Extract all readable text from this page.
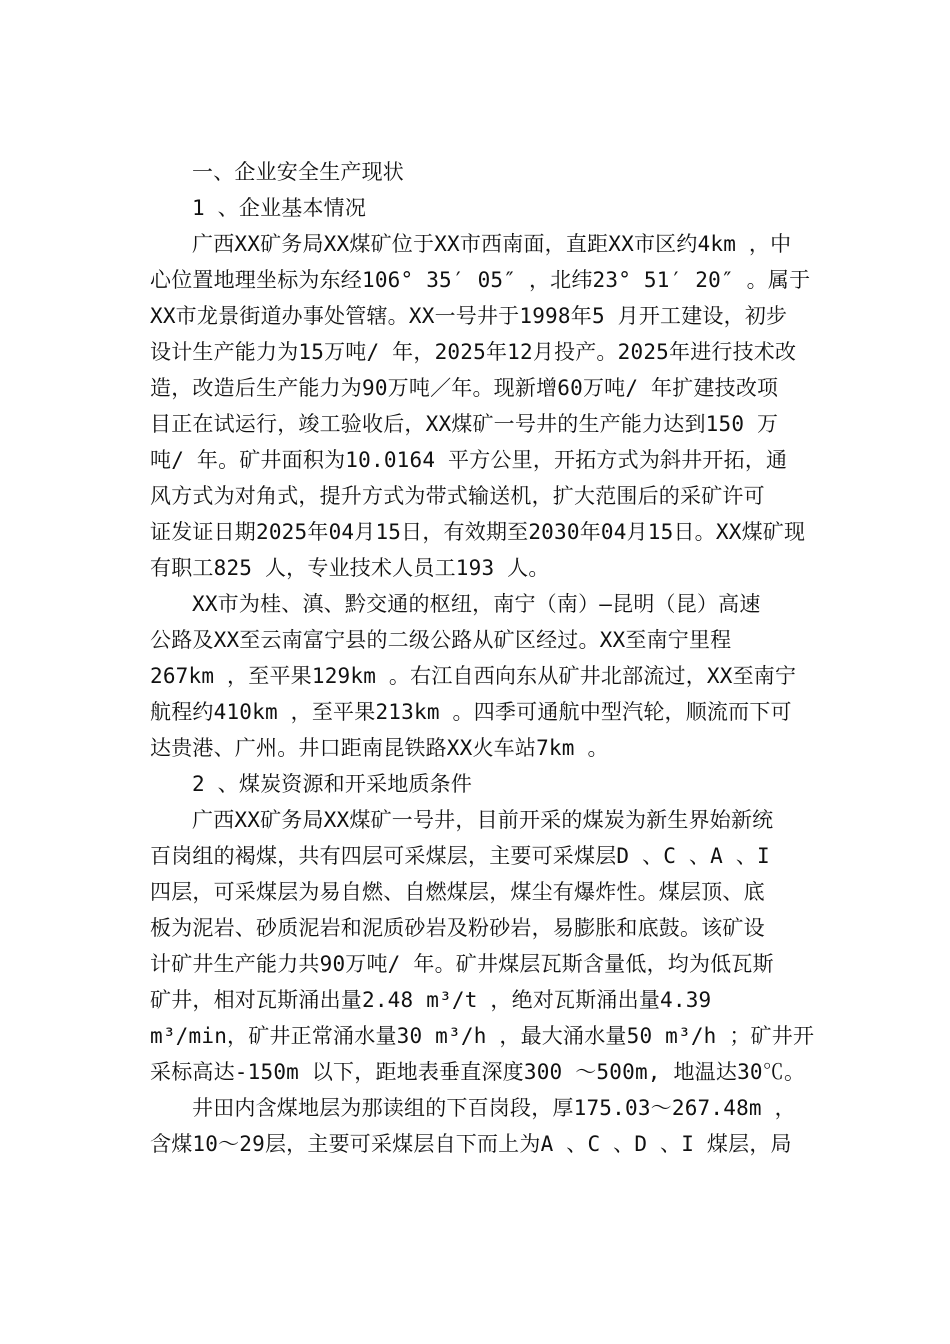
一、企业安全生产现状
1 、企业基本情况
广西XX矿务局XX煤矿位于XX市西南面，直距XX市区约4km ，中
心位置地理坐标为东经106° 35′ 05″ ，北纬23° 51′ 20″ 。属于
XX市龙景街道办事处管辖。XX一号井于1998年5 月开工建设，初步
设计生产能力为15万吨/ 年，2025年12月投产。2025年进行技术改
造，改造后生产能力为90万吨／年。现新增60万吨/ 年扩建技改项
目正在试运行，竣工验收后，XX煤矿一号井的生产能力达到150 万
吨/ 年。矿井面积为10.0164 平方公里，开拓方式为斜井开拓，通
风方式为对角式，提升方式为带式输送机，扩大范围后的采矿许可
证发证日期2025年04月15日，有效期至2030年04月15日。XX煤矿现
有职工825 人，专业技术人员工193 人。
XX市为桂、滇、黔交通的枢纽，南宁（南）—昆明（昆）高速
公路及XX至云南富宁县的二级公路从矿区经过。XX至南宁里程
267km ，至平果129km 。右江自西向东从矿井北部流过，XX至南宁
航程约410km ，至平果213km 。四季可通航中型汽轮，顺流而下可
达贵港、广州。井口距南昆铁路XX火车站7km 。
2 、煤炭资源和开采地质条件
广西XX矿务局XX煤矿一号井，目前开采的煤炭为新生界始新统
百岗组的褐煤，共有四层可采煤层，主要可采煤层D 、C 、A 、I
四层，可采煤层为易自燃、自燃煤层，煤尘有爆炸性。煤层顶、底
板为泥岩、砂质泥岩和泥质砂岩及粉砂岩，易膨胀和底鼓。该矿设
计矿井生产能力共90万吨/ 年。矿井煤层瓦斯含量低，均为低瓦斯
矿井，相对瓦斯涌出量2.48 m³/t ，绝对瓦斯涌出量4.39
m³/min，矿井正常涌水量30 m³/h ，最大涌水量50 m³/h ；矿井开
采标高达-150m 以下，距地表垂直深度300 ～500m, 地温达30℃。
井田内含煤地层为那读组的下百岗段，厚175.03～267.48m ，
含煤10～29层，主要可采煤层自下而上为A 、C 、D 、I 煤层，局
